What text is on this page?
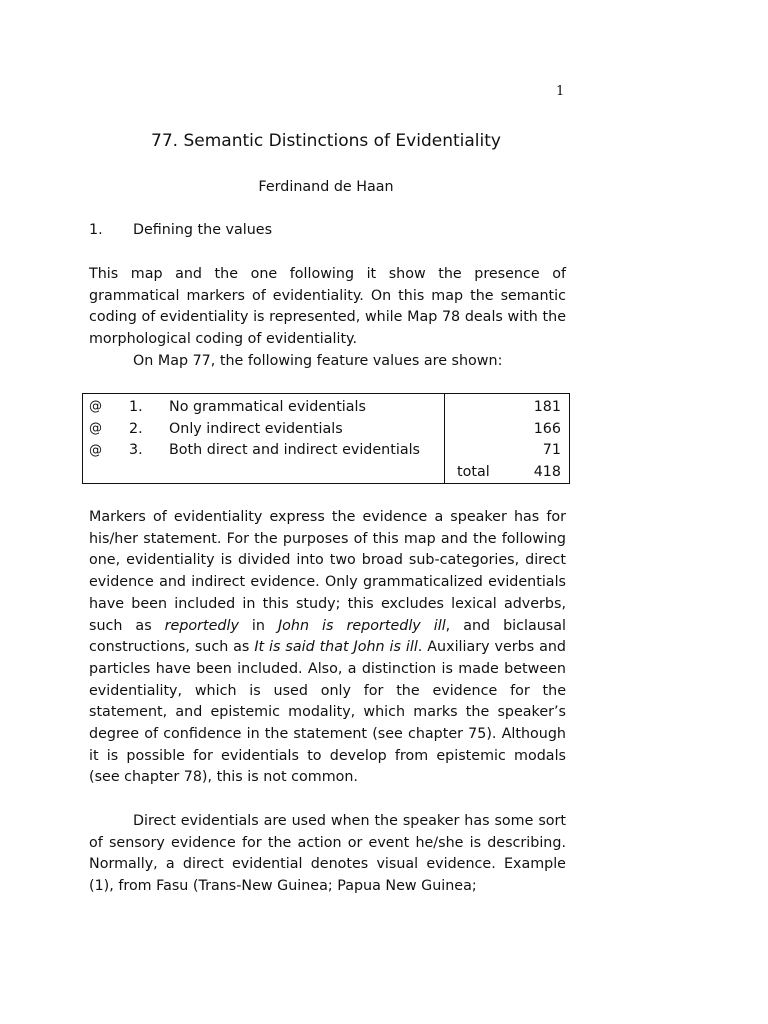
1
77. Semantic Distinctions of Evidentiality
Ferdinand de Haan
1. Defining the values
This map and the one following it show the presence of grammatical markers of evidentiality. On this map the semantic coding of evidentiality is represented, while Map 78 deals with the morphological coding of evidentiality.
On Map 77, the following feature values are shown:
@	1.	No grammatical evidentials		181
@	2.	Only indirect evidentials		166
@	3.	Both direct and indirect evidentials		71
			total	418

Markers of evidentiality express the evidence a speaker has for his/her statement. For the purposes of this map and the following one, evidentiality is divided into two broad sub-categories, direct evidence and indirect evidence. Only grammaticalized evidentials have been included in this study; this excludes lexical adverbs, such as reportedly in John is reportedly ill, and biclausal constructions, such as It is said that John is ill. Auxiliary verbs and particles have been included. Also, a distinction is made between evidentiality, which is used only for the evidence for the statement, and epistemic modality, which marks the speaker’s degree of confidence in the statement (see chapter 75). Although it is possible for evidentials to develop from epistemic modals (see chapter 78), this is not common.

Direct evidentials are used when the speaker has some sort of sensory evidence for the action or event he/she is describing. Normally, a direct evidential denotes visual evidence. Example (1), from Fasu (Trans-New Guinea; Papua New Guinea;
